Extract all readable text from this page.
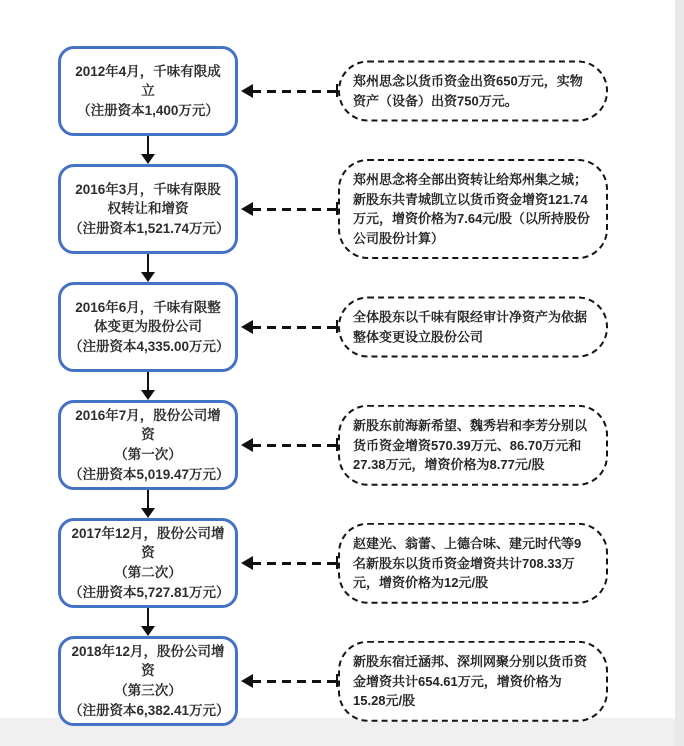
2012年4月，千味有限成立
（注册资本1,400万元）
郑州思念以货币资金出资650万元，实物资产（设备）出资750万元。
2016年3月，千味有限股权转让和增资
（注册资本1,521.74万元）
郑州思念将全部出资转让给郑州集之城；新股东共青城凯立以货币资金增资121.74万元，增资价格为7.64元/股（以所持股份公司股份计算）
2016年6月，千味有限整体变更为股份公司
（注册资本4,335.00万元）
全体股东以千味有限经审计净资产为依据整体变更设立股份公司
2016年7月，股份公司增资
（第一次）
（注册资本5,019.47万元）
新股东前海新希望、魏秀岩和李芳分别以货币资金增资570.39万元、86.70万元和27.38万元，增资价格为8.77元/股
2017年12月，股份公司增资
（第二次）
（注册资本5,727.81万元）
赵建光、翁蕾、上德合味、建元时代等9名新股东以货币资金增资共计708.33万元，增资价格为12元/股
2018年12月，股份公司增资
（第三次）
（注册资本6,382.41万元）
新股东宿迁涵邦、深圳网聚分别以货币资金增资共计654.61万元，增资价格为15.28元/股
